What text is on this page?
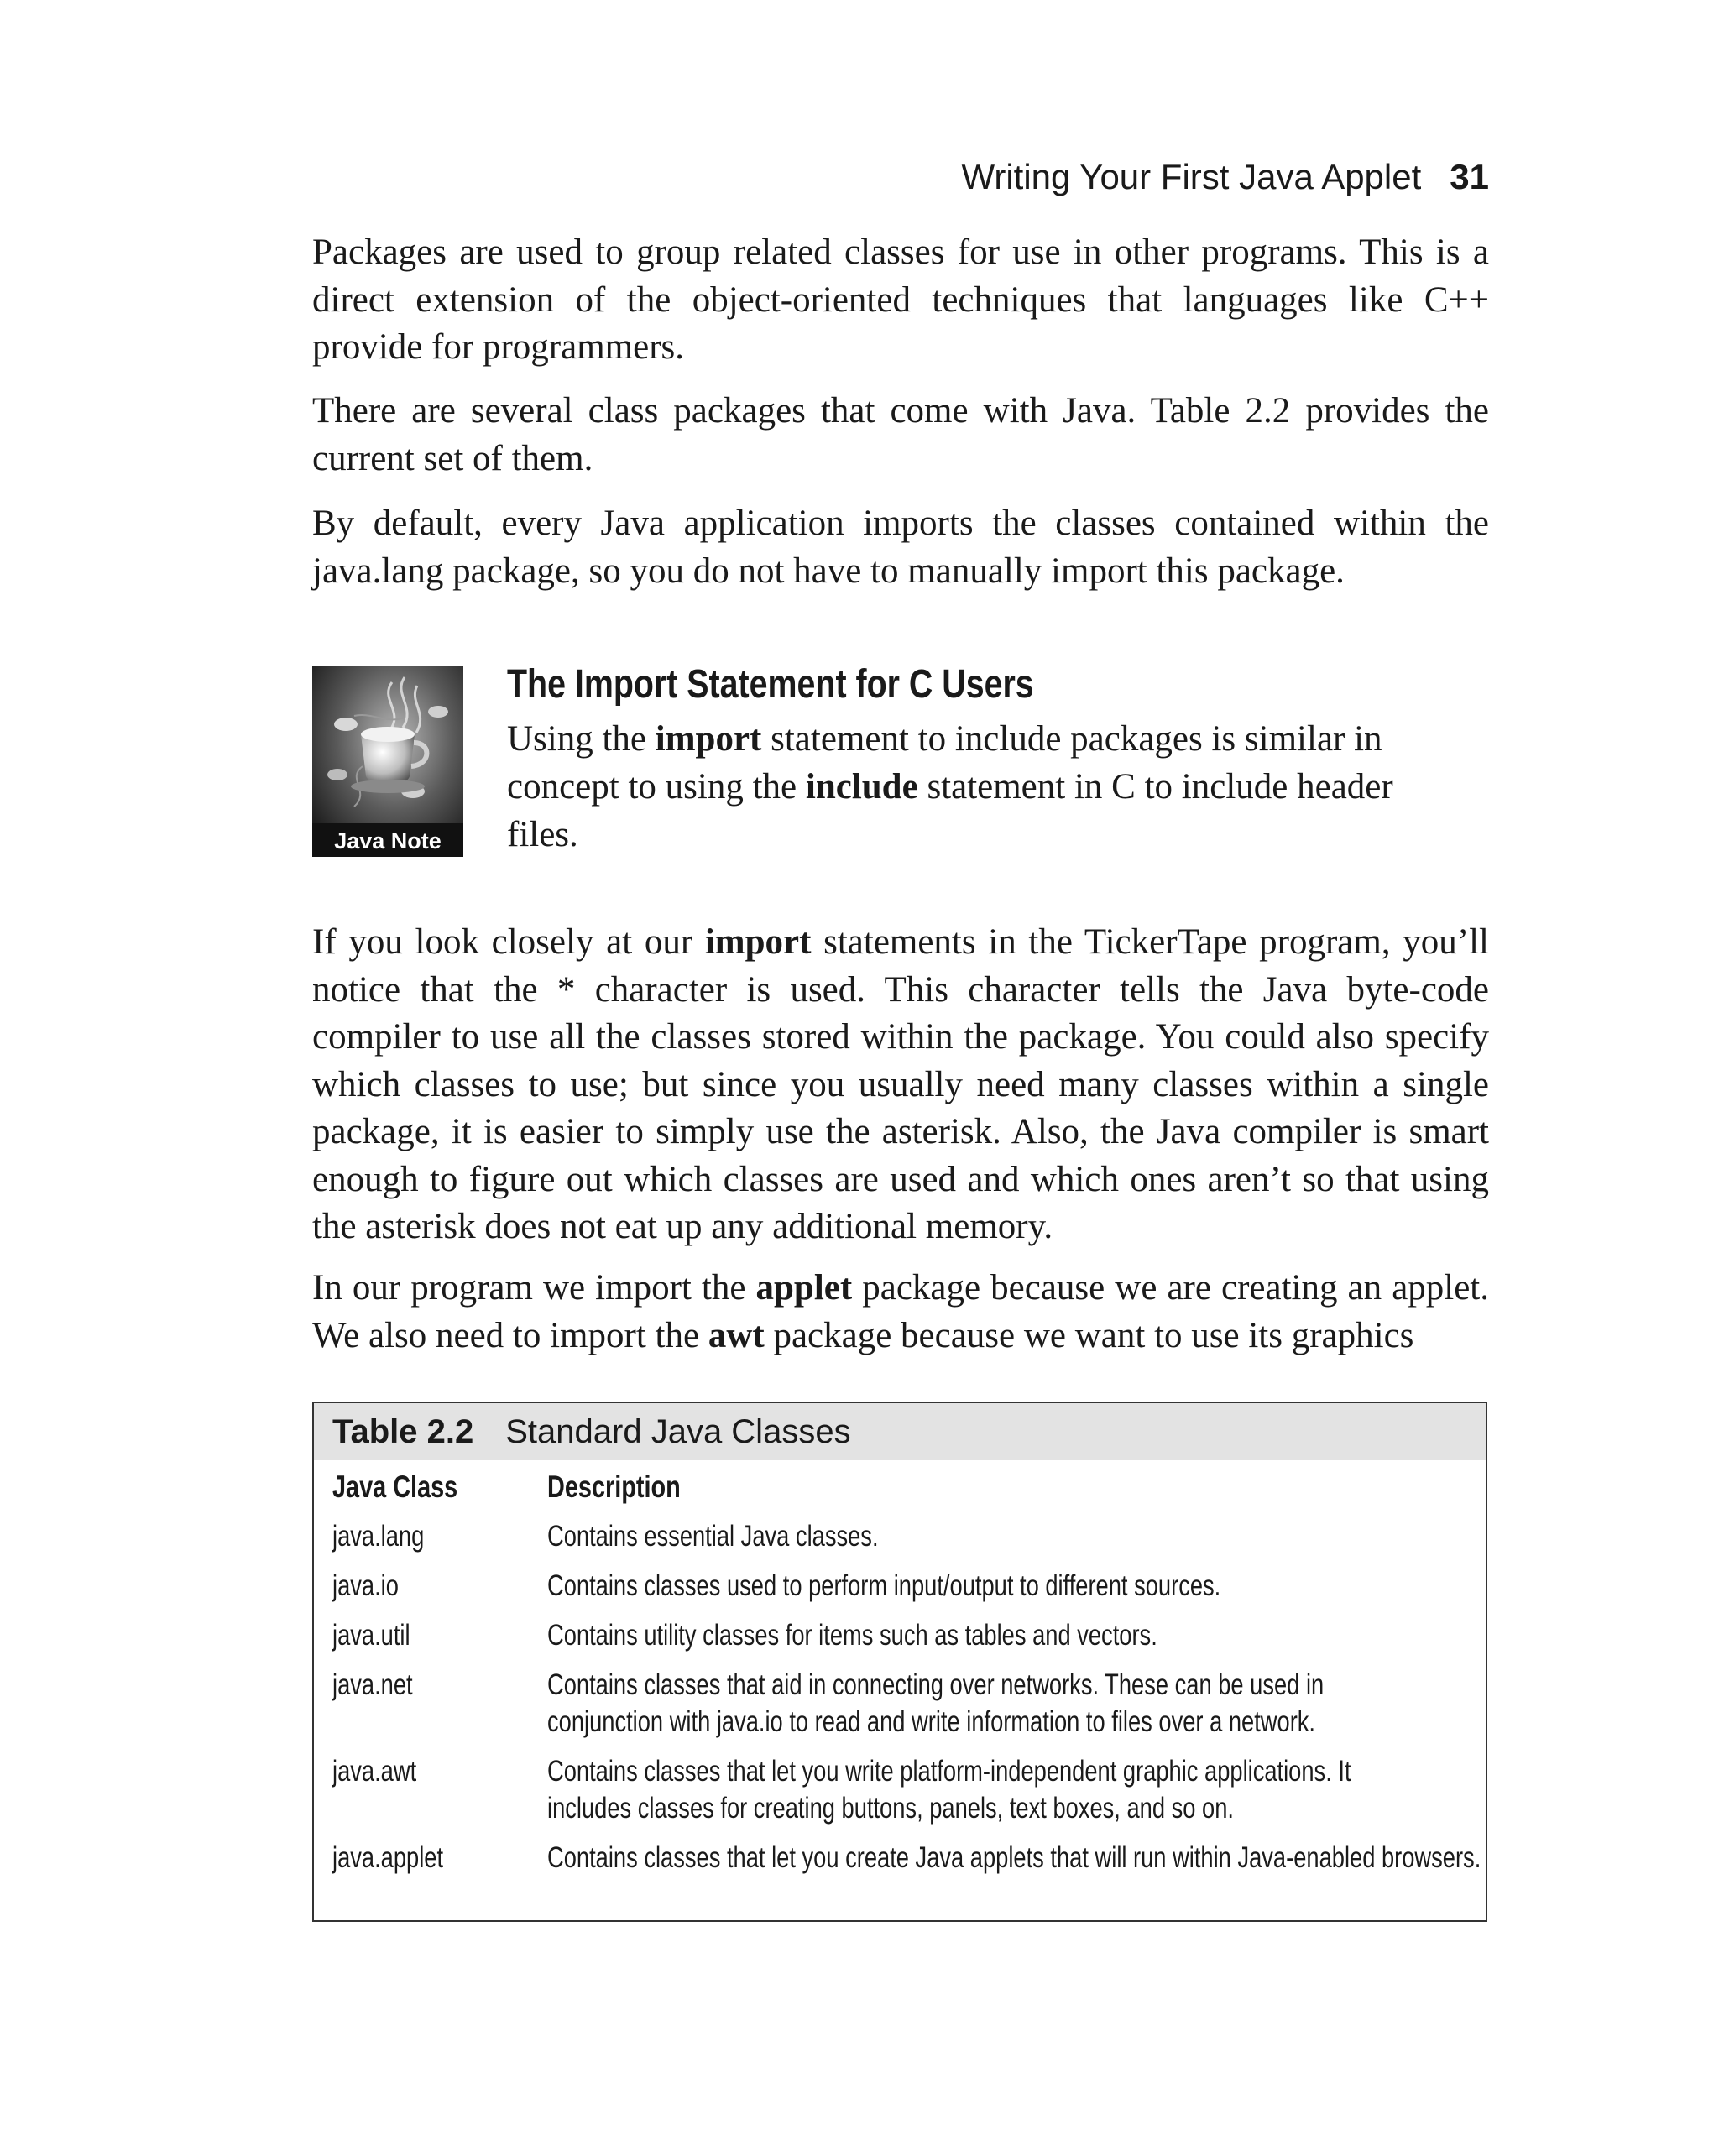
Writing Your First Java Applet 31

Packages are used to group related classes for use in other programs. This is a direct extension of the object-oriented techniques that languages like C++ provide for programmers.

There are several class packages that come with Java. Table 2.2 provides the current set of them.

By default, every Java application imports the classes contained within the java.lang package, so you do not have to manually import this package.

Java Note

The Import Statement for C Users

Using the import statement to include packages is similar in concept to using the include statement in C to include header files.

If you look closely at our import statements in the TickerTape program, you’ll notice that the * character is used. This character tells the Java byte-code compiler to use all the classes stored within the package. You could also specify which classes to use; but since you usually need many classes within a single package, it is easier to simply use the asterisk. Also, the Java compiler is smart enough to figure out which classes are used and which ones aren’t so that using the asterisk does not eat up any additional memory.

In our program we import the applet package because we are creating an applet. We also need to import the awt package because we want to use its graphics

Table 2.2 Standard Java Classes
Java Class	Description
java.lang	Contains essential Java classes.
java.io	Contains classes used to perform input/output to different sources.
java.util	Contains utility classes for items such as tables and vectors.
java.net	Contains classes that aid in connecting over networks. These can be used in
conjunction with java.io to read and write information to files over a network.
java.awt	Contains classes that let you write platform-independent graphic applications. It
includes classes for creating buttons, panels, text boxes, and so on.
java.applet	Contains classes that let you create Java applets that will run within Java-enabled browsers.
